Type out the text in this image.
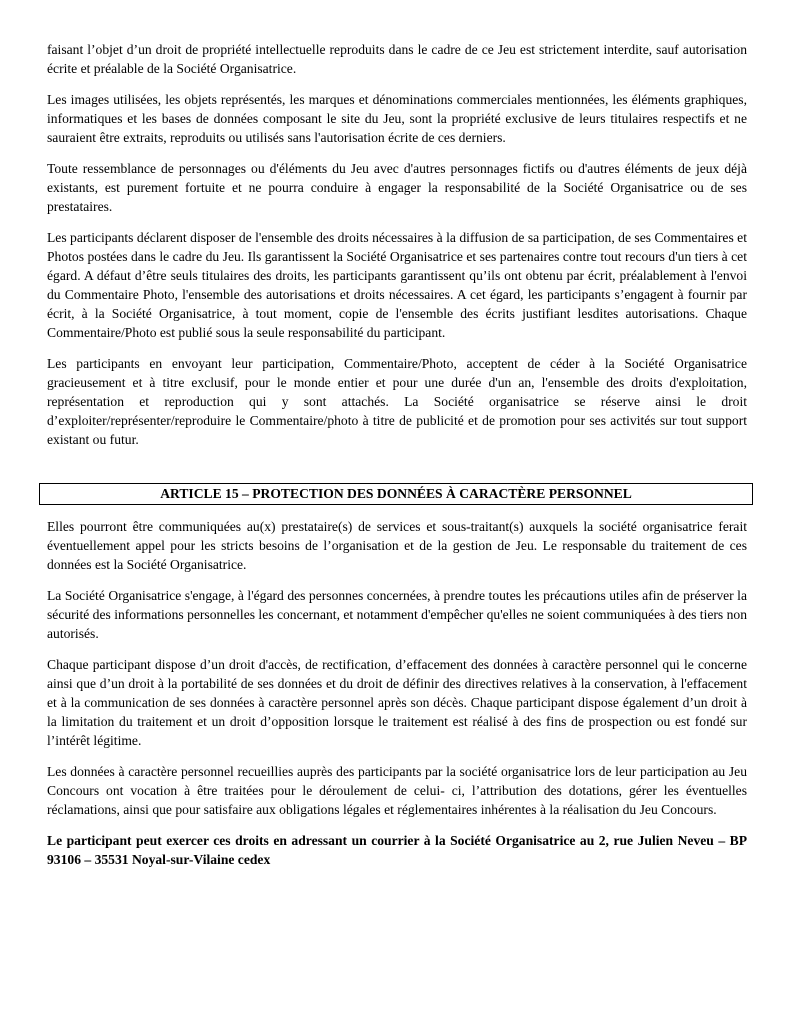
faisant l’objet d’un droit de propriété intellectuelle reproduits dans le cadre de ce Jeu est strictement interdite, sauf autorisation écrite et préalable de la Société Organisatrice.

Les images utilisées, les objets représentés, les marques et dénominations commerciales mentionnées, les éléments graphiques, informatiques et les bases de données composant le site du Jeu, sont la propriété exclusive de leurs titulaires respectifs et ne sauraient être extraits, reproduits ou utilisés sans l'autorisation écrite de ces derniers.

Toute ressemblance de personnages ou d'éléments du Jeu avec d'autres personnages fictifs ou d'autres éléments de jeux déjà existants, est purement fortuite et ne pourra conduire à engager la responsabilité de la Société Organisatrice ou de ses prestataires.

Les participants déclarent disposer de l'ensemble des droits nécessaires à la diffusion de sa participation, de ses Commentaires et Photos postées dans le cadre du Jeu. Ils garantissent la Société Organisatrice et ses partenaires contre tout recours d'un tiers à cet égard. A défaut d’être seuls titulaires des droits, les participants garantissent qu’ils ont obtenu par écrit, préalablement à l'envoi du Commentaire Photo, l'ensemble des autorisations et droits nécessaires. A cet égard, les participants s’engagent à fournir par écrit, à la Société Organisatrice, à tout moment, copie de l'ensemble des écrits justifiant lesdites autorisations. Chaque Commentaire/Photo est publié sous la seule responsabilité du participant.

Les participants en envoyant leur participation, Commentaire/Photo, acceptent de céder à la Société Organisatrice gracieusement et à titre exclusif, pour le monde entier et pour une durée d'un an, l'ensemble des droits d'exploitation, représentation et reproduction qui y sont attachés. La Société organisatrice se réserve ainsi le droit d’exploiter/représenter/reproduire le Commentaire/photo à titre de publicité et de promotion pour ses activités sur tout support existant ou futur.

ARTICLE 15 – PROTECTION DES DONNÉES À CARACTÈRE PERSONNEL

Elles pourront être communiquées au(x) prestataire(s) de services et sous-traitant(s) auxquels la société organisatrice ferait éventuellement appel pour les stricts besoins de l’organisation et de la gestion de Jeu. Le responsable du traitement de ces données est la Société Organisatrice.

La Société Organisatrice s'engage, à l'égard des personnes concernées, à prendre toutes les précautions utiles afin de préserver la sécurité des informations personnelles les concernant, et notamment d'empêcher qu'elles ne soient communiquées à des tiers non autorisés.

Chaque participant dispose d’un droit d'accès, de rectification, d’effacement des données à caractère personnel qui le concerne ainsi que d’un droit à la portabilité de ses données et du droit de définir des directives relatives à la conservation, à l'effacement et à la communication de ses données à caractère personnel après son décès. Chaque participant dispose également d’un droit à la limitation du traitement et un droit d’opposition lorsque le traitement est réalisé à des fins de prospection ou est fondé sur l’intérêt légitime.

Les données à caractère personnel recueillies auprès des participants par la société organisatrice lors de leur participation au Jeu Concours ont vocation à être traitées pour le déroulement de celui- ci, l’attribution des dotations, gérer les éventuelles réclamations, ainsi que pour satisfaire aux obligations légales et réglementaires inhérentes à la réalisation du Jeu Concours.

Le participant peut exercer ces droits en adressant un courrier à la Société Organisatrice au 2, rue Julien Neveu – BP 93106 – 35531 Noyal-sur-Vilaine cedex
